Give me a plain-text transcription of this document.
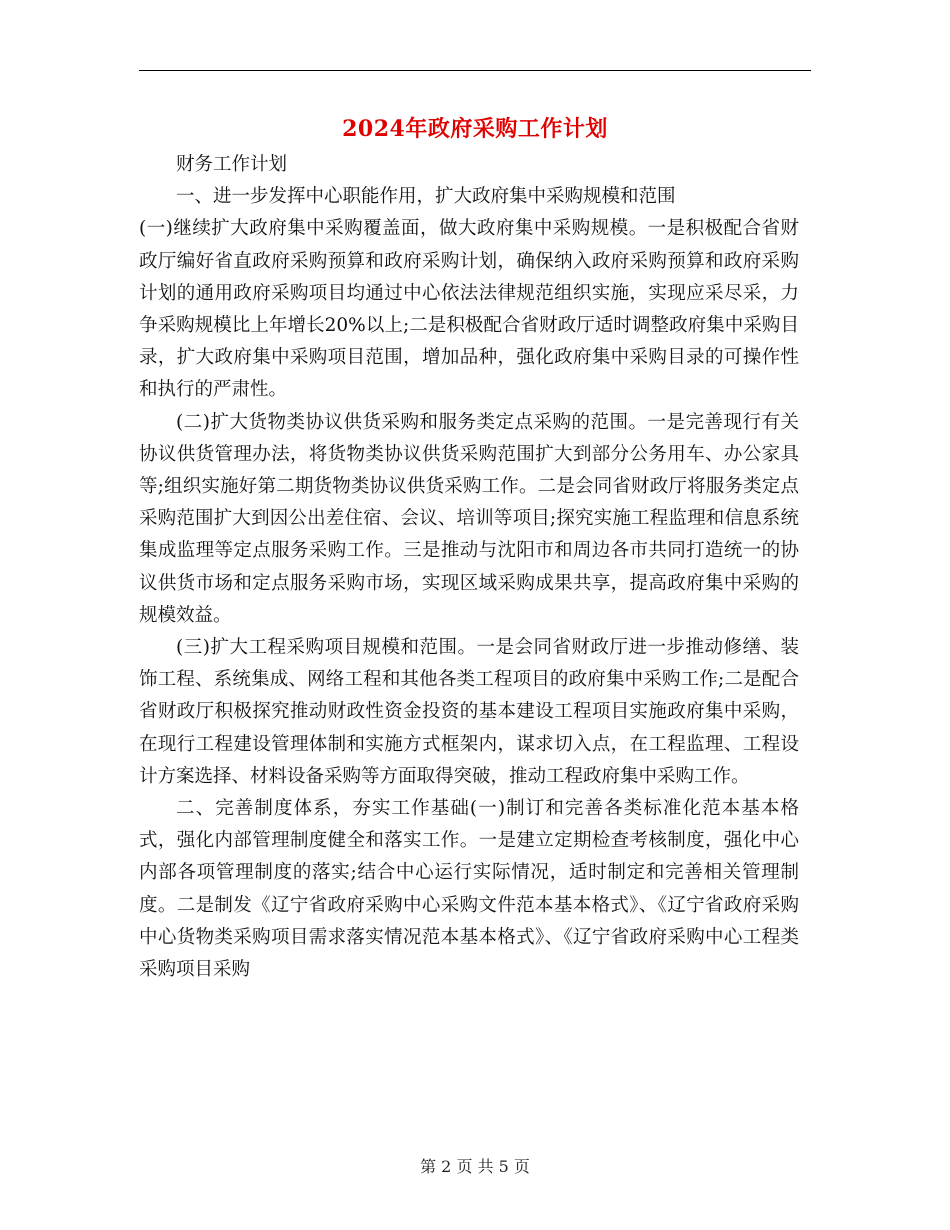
2024年政府采购工作计划

财务工作计划

一、进一步发挥中心职能作用，扩大政府集中采购规模和范围

(一)继续扩大政府集中采购覆盖面，做大政府集中采购规模。一是积极配合省财政厅编好省直政府采购预算和政府采购计划，确保纳入政府采购预算和政府采购计划的通用政府采购项目均通过中心依法法律规范组织实施，实现应采尽采，力争采购规模比上年增长20%以上;二是积极配合省财政厅适时调整政府集中采购目录，扩大政府集中采购项目范围，增加品种，强化政府集中采购目录的可操作性和执行的严肃性。

(二)扩大货物类协议供货采购和服务类定点采购的范围。一是完善现行有关协议供货管理办法，将货物类协议供货采购范围扩大到部分公务用车、办公家具等;组织实施好第二期货物类协议供货采购工作。二是会同省财政厅将服务类定点采购范围扩大到因公出差住宿、会议、培训等项目;探究实施工程监理和信息系统集成监理等定点服务采购工作。三是推动与沈阳市和周边各市共同打造统一的协议供货市场和定点服务采购市场，实现区域采购成果共享，提高政府集中采购的规模效益。

(三)扩大工程采购项目规模和范围。一是会同省财政厅进一步推动修缮、装饰工程、系统集成、网络工程和其他各类工程项目的政府集中采购工作;二是配合省财政厅积极探究推动财政性资金投资的基本建设工程项目实施政府集中采购，在现行工程建设管理体制和实施方式框架内，谋求切入点，在工程监理、工程设计方案选择、材料设备采购等方面取得突破，推动工程政府集中采购工作。

二、完善制度体系，夯实工作基础(一)制订和完善各类标准化范本基本格式，强化内部管理制度健全和落实工作。一是建立定期检查考核制度，强化中心内部各项管理制度的落实;结合中心运行实际情况，适时制定和完善相关管理制度。二是制发《辽宁省政府采购中心采购文件范本基本格式》、《辽宁省政府采购中心货物类采购项目需求落实情况范本基本格式》、《辽宁省政府采购中心工程类采购项目采购

第 2 页 共 5 页
